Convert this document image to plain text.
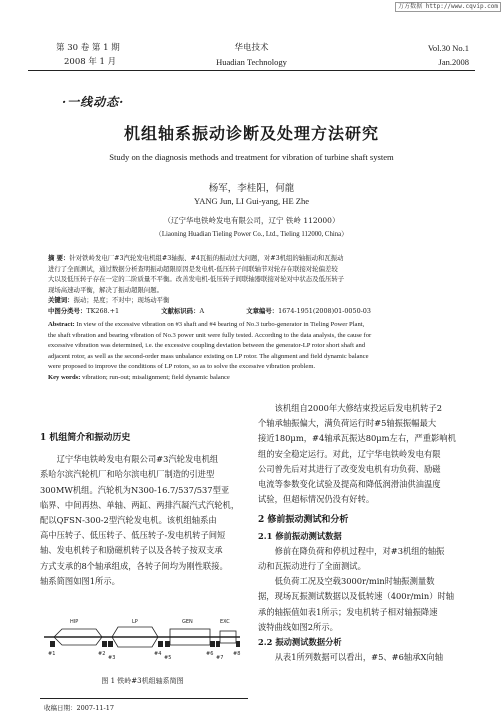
万方数据 http://www.cqvip.com
第 30 卷 第 1 期
2008 年 1 月
华电技术
Huadian Technology
Vol.30 No.1
Jan.2008
·一线动态·
机组轴系振动诊断及处理方法研究
Study on the diagnosis methods and treatment for vibration of turbine shaft system
杨军，李桂阳，何龍
YANG Jun, LI Gui-yang, HE Zhe
（辽宁华电铁岭发电有限公司，辽宁 铁岭 112000）
（Liaoning Huadian Tieling Power Co., Ltd., Tieling 112000, China）
摘 要：针对铁岭发电厂#3汽轮发电机组#3轴振、#4瓦振的振动过大问题，对#3机组的轴振动和瓦振动
进行了全面测试，通过数据分析查明振动超限原因是发电机-低压转子间联轴节对轮存在联接对轮偏差较
大以及低压转子存在一定的二阶质量不平衡。改善发电机-低压转子间联轴器联接对轮对中状态及低压转子
现场高速动平衡，解决了振动超限问题。
关键词：振动；晃度；不对中；现场动平衡
中图分类号：TK268.+1	文献标识码：A	文章编号：1674-1951(2008)01-0050-03
Abstract: In view of the excessive vibration on #3 shaft and #4 bearing of No.3 turbo-generator in Tieling Power Plant,
the shaft vibration and bearing vibration of No.3 power unit were fully tested. According to the data analysis, the cause for
excessive vibration was determined, i.e. the excessive coupling deviation between the generator-LP rotor short shaft and
adjacent rotor, as well as the second-order mass unbalance existing on LP rotor. The alignment and field dynamic balance
were proposed to improve the conditions of LP rotors, so as to solve the excessive vibration problem.
Key words: vibration; run-out; misalignment; field dynamic balance
1 机组简介和振动历史
辽宁华电铁岭发电有限公司#3汽轮发电机组
系哈尔滨汽轮机厂和哈尔滨电机厂制造的引进型
300MW机组。汽轮机为N300-16.7/537/537型亚
临界、中间再热、单轴、两缸、两排汽凝汽式汽轮机，
配以QFSN-300-2型汽轮发电机。该机组轴系由
高中压转子、低压转子、低压转子-发电机转子间短
轴、发电机转子和励磁机转子以及各转子按双支承
方式支承的8个轴承组成，各转子间均为刚性联接。
轴系简图如图1所示。
HIP	LP	GEN	EXC
#1	#2
#3
#4
#5
#6
#7
#8
图 1 铁岭#3机组轴系简图
收稿日期：2007-11-17
该机组自2000年大修结束投运后发电机转子2
个轴承轴振偏大，满负荷运行时#5轴振振幅最大
接近180μm，#4轴承瓦振达80μm左右，严重影响机
组的安全稳定运行。对此，辽宁华电铁岭发电有限
公司曾先后对其进行了改变发电机有功负荷、励磁
电流等参数变化试验及提高和降低润滑油供油温度
试验，但超标情况仍没有好转。
2 修前振动测试和分析
2.1 修前振动测试数据
修前在降负荷和停机过程中，对#3机组的轴振
动和瓦振动进行了全面测试。
低负荷工况及空载3000r/min时轴振测量数
据，现场瓦振测试数据以及低转速（400r/min）时轴
承的轴振值如表1所示；发电机转子相对轴振降速
波特曲线如图2所示。
2.2 振动测试数据分析
从表1所列数据可以看出，#5、#6轴承X向轴
